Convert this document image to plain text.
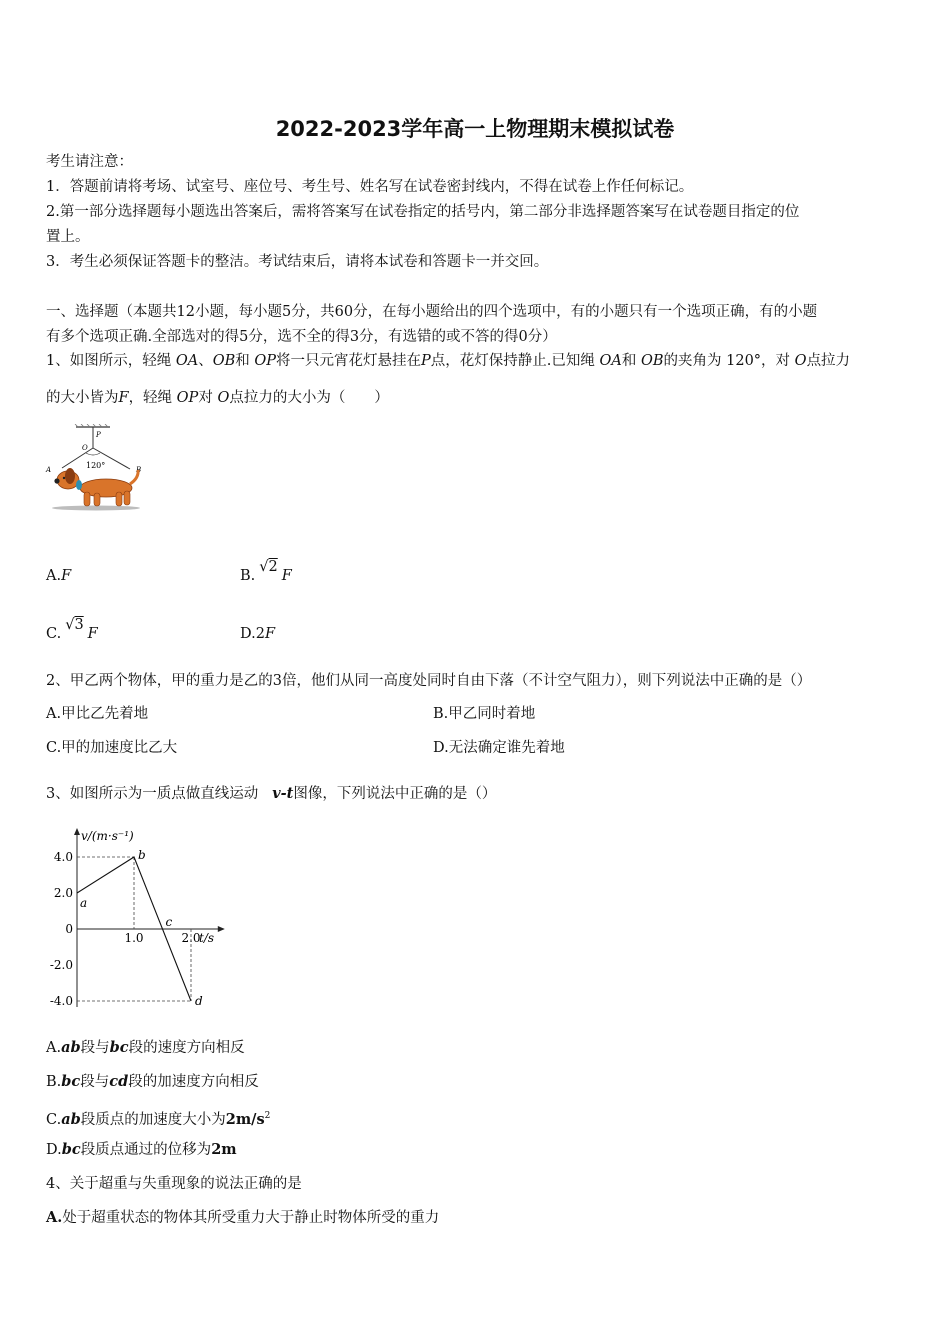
2022-2023学年高一上物理期末模拟试卷
考生请注意：
1．答题前请将考场、试室号、座位号、考生号、姓名写在试卷密封线内，不得在试卷上作任何标记。
2.第一部分选择题每小题选出答案后，需将答案写在试卷指定的括号内，第二部分非选择题答案写在试卷题目指定的位
置上。
3．考生必须保证答题卡的整洁。考试结束后，请将本试卷和答题卡一并交回。
一、选择题（本题共12小题，每小题5分，共60分，在每小题给出的四个选项中，有的小题只有一个选项正确，有的小题
有多个选项正确.全部选对的得5分，选不全的得3分，有选错的或不答的得0分）
1、如图所示，轻绳 OA、OB和 OP将一只元宵花灯悬挂在P点，花灯保持静止.已知绳 OA和 OB的夹角为 120°，对 O点拉力
的大小皆为F，轻绳 OP对 O点拉力的大小为（　　）
P
O
120°
A	B
A.F	B.√2F
C.√3F	D.2F
2、甲乙两个物体，甲的重力是乙的3倍，他们从同一高度处同时自由下落（不计空气阻力），则下列说法中正确的是（）
A.甲比乙先着地	B.甲乙同时着地
C.甲的加速度比乙大	D.无法确定谁先着地
3、如图所示为一质点做直线运动 v-t图像，下列说法中正确的是（）
v/(m·s⁻¹)
t/s
4.0
2.0
0
-2.0
-4.0
1.0	2.0
a
b
d
c
A.ab段与bc段的速度方向相反
B.bc段与cd段的加速度方向相反
C.ab段质点的加速度大小为$2m/s^2$
D.bc段质点通过的位移为2m
4、关于超重与失重现象的说法正确的是
A.处于超重状态的物体其所受重力大于静止时物体所受的重力
